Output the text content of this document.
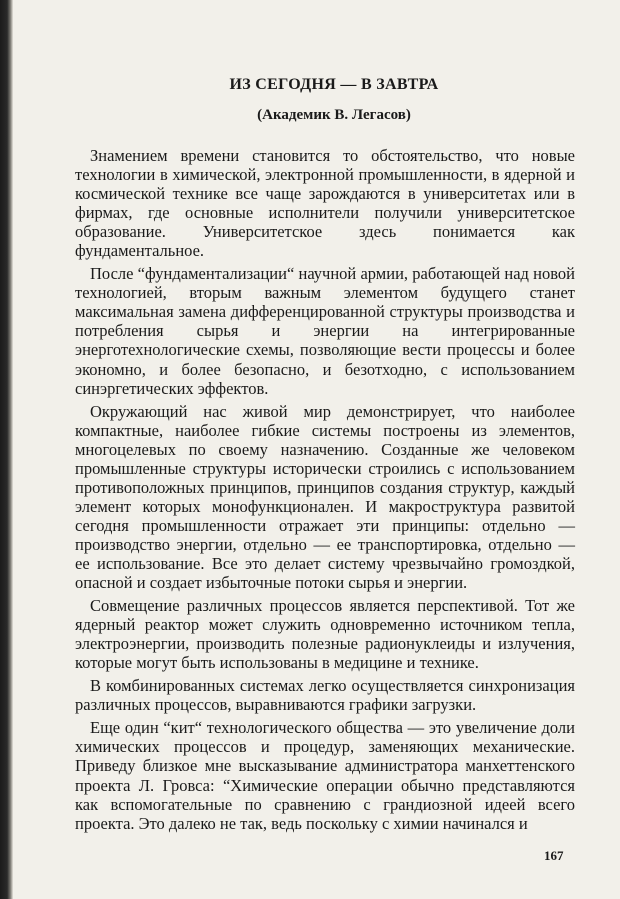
ИЗ СЕГОДНЯ — В ЗАВТРА
(Академик В. Легасов)

Знамением времени становится то обстоятельство, что новые технологии в химической, электронной промышленности, в ядерной и космической технике все чаще зарождаются в университетах или в фирмах, где основные исполнители получили университетское образование. Университетское здесь понимается как фундаментальное.

После “фундаментализации“ научной армии, работающей над новой технологией, вторым важным элементом будущего станет максимальная замена дифференцированной структуры производства и потребления сырья и энергии на интегрированные энерготехнологические схемы, позволяющие вести процессы и более экономно, и более безопасно, и безотходно, с использованием синэргетических эффектов.

Окружающий нас живой мир демонстрирует, что наиболее компактные, наиболее гибкие системы построены из элементов, многоцелевых по своему назначению. Созданные же человеком промышленные структуры исторически строились с использованием противоположных принципов, принципов создания структур, каждый элемент которых монофункционален. И макроструктура развитой сегодня промышленности отражает эти принципы: отдельно — производство энергии, отдельно — ее транспортировка, отдельно — ее использование. Все это делает систему чрезвычайно громоздкой, опасной и создает избыточные потоки сырья и энергии.

Совмещение различных процессов является перспективой. Тот же ядерный реактор может служить одновременно источником тепла, электроэнергии, производить полезные радионуклеиды и излучения, которые могут быть использованы в медицине и технике.

В комбинированных системах легко осуществляется синхронизация различных процессов, выравниваются графики загрузки.

Еще один “кит“ технологического общества — это увеличение доли химических процессов и процедур, заменяющих механические. Приведу близкое мне высказывание администратора манхеттенского проекта Л. Гровса: “Химические операции обычно представляются как вспомогательные по сравнению с грандиозной идеей всего проекта. Это далеко не так, ведь поскольку с химии начинался и

167
